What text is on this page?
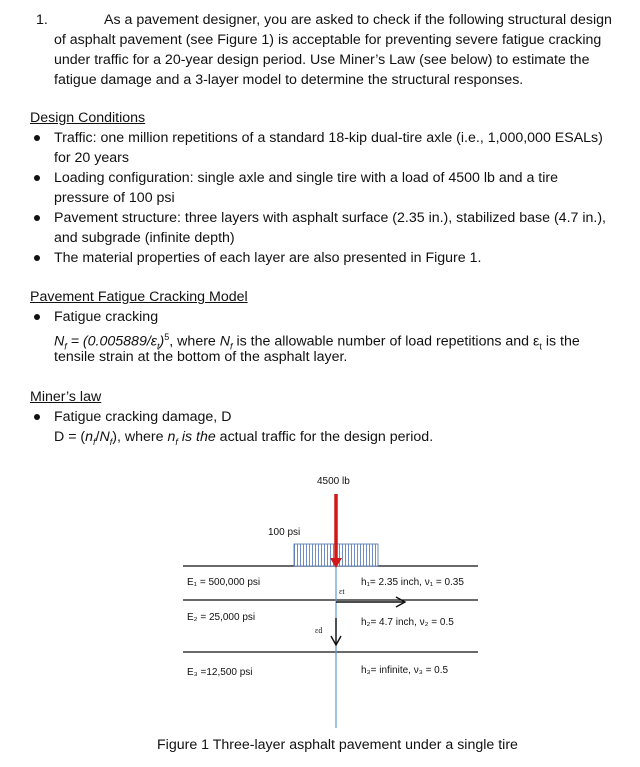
1.	As a pavement designer, you are asked to check if the following structural design
of asphalt pavement (see Figure 1) is acceptable for preventing severe fatigue cracking
under traffic for a 20-year design period. Use Miner’s Law (see below) to estimate the
fatigue damage and a 3-layer model to determine the structural responses.
Design Conditions
Traffic: one million repetitions of a standard 18-kip dual-tire axle (i.e., 1,000,000 ESALs)
for 20 years
Loading configuration: single axle and single tire with a load of 4500 lb and a tire
pressure of 100 psi
Pavement structure: three layers with asphalt surface (2.35 in.), stabilized base (4.7 in.),
and subgrade (infinite depth)
The material properties of each layer are also presented in Figure 1.
Pavement Fatigue Cracking Model
Fatigue cracking
$N_f = (0.005889/\varepsilon_t)^5$, where $N_f$ is the allowable number of load repetitions and $\varepsilon_t$ is the
tensile strain at the bottom of the asphalt layer.
Miner’s law
Fatigue cracking damage, D
$D = (n_f/N_f)$, where $n_f$ is the actual traffic for the design period.
4500 lb
100 psi
E₁ = 500,000 psi
E₂ = 25,000 psi
E₃ =12,500 psi
h₁= 2.35 inch, ν₁ = 0.35
h₂= 4.7 inch, ν₂ = 0.5
h₃= infinite, ν₃ = 0.5
εt
εd
Figure 1 Three-layer asphalt pavement under a single tire
